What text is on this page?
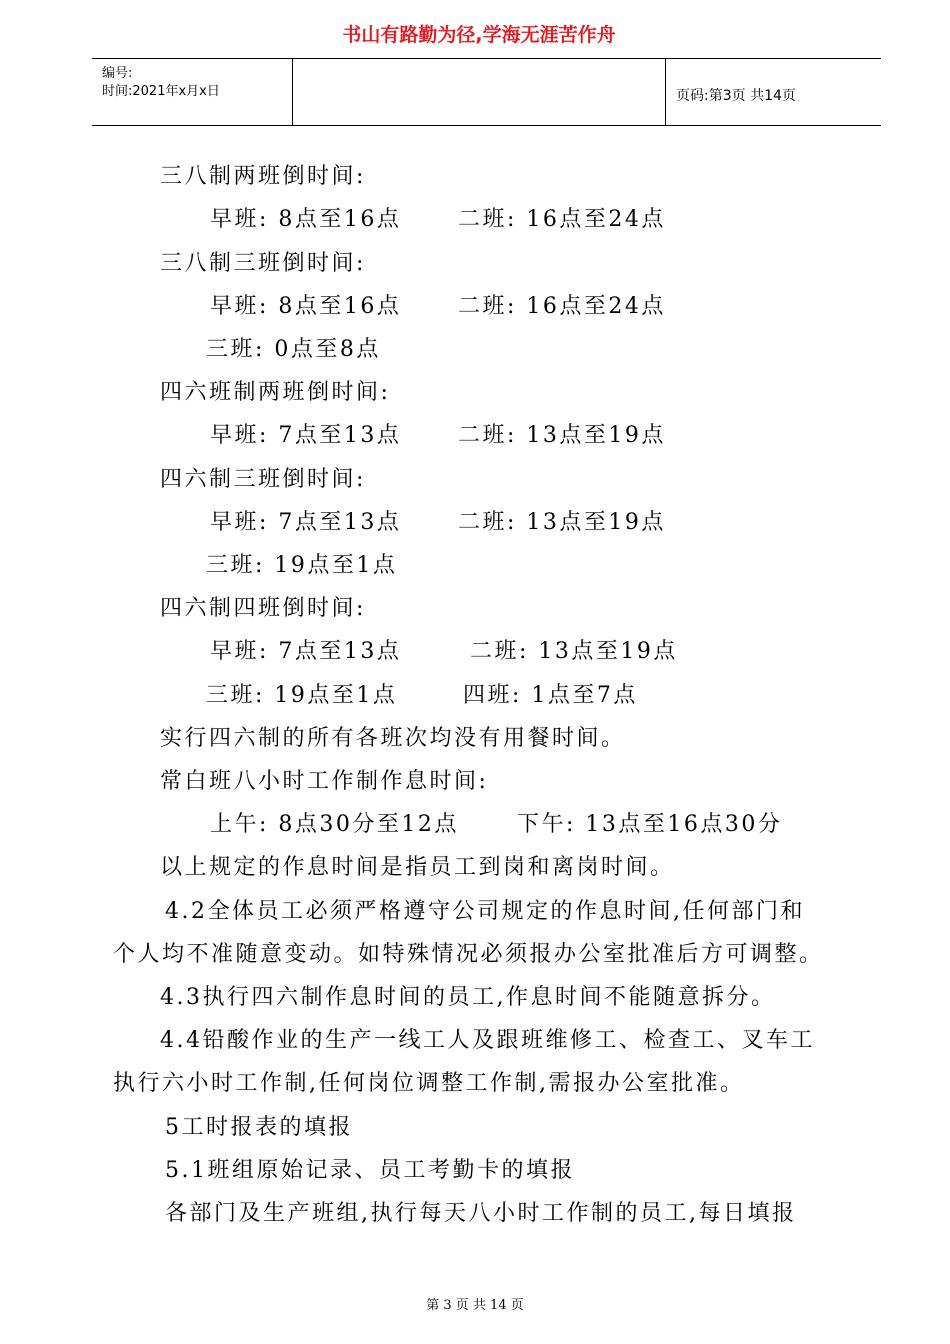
编号:
时间:2021年x月x日
书山有路勤为径,学海无涯苦作舟
页码:第3页 共14页
三八制两班倒时间:
早班: 8点至16点	二班: 16点至24点
三八制三班倒时间:
早班: 8点至16点	二班: 16点至24点
三班: 0点至8点
四六班制两班倒时间:
早班: 7点至13点	二班: 13点至19点
四六制三班倒时间:
早班: 7点至13点	二班: 13点至19点
三班: 19点至1点
四六制四班倒时间:
早班: 7点至13点	二班: 13点至19点
三班: 19点至1点	四班: 1点至7点
实行四六制的所有各班次均没有用餐时间。
常白班八小时工作制作息时间:
上午: 8点30分至12点	下午: 13点至16点30分
以上规定的作息时间是指员工到岗和离岗时间。
4.2全体员工必须严格遵守公司规定的作息时间,任何部门和
个人均不准随意变动。如特殊情况必须报办公室批准后方可调整。
4.3执行四六制作息时间的员工,作息时间不能随意拆分。
4.4铅酸作业的生产一线工人及跟班维修工、检查工、叉车工
执行六小时工作制,任何岗位调整工作制,需报办公室批准。
5工时报表的填报
5.1班组原始记录、员工考勤卡的填报
各部门及生产班组,执行每天八小时工作制的员工,每日填报
第 3 页 共 14 页
